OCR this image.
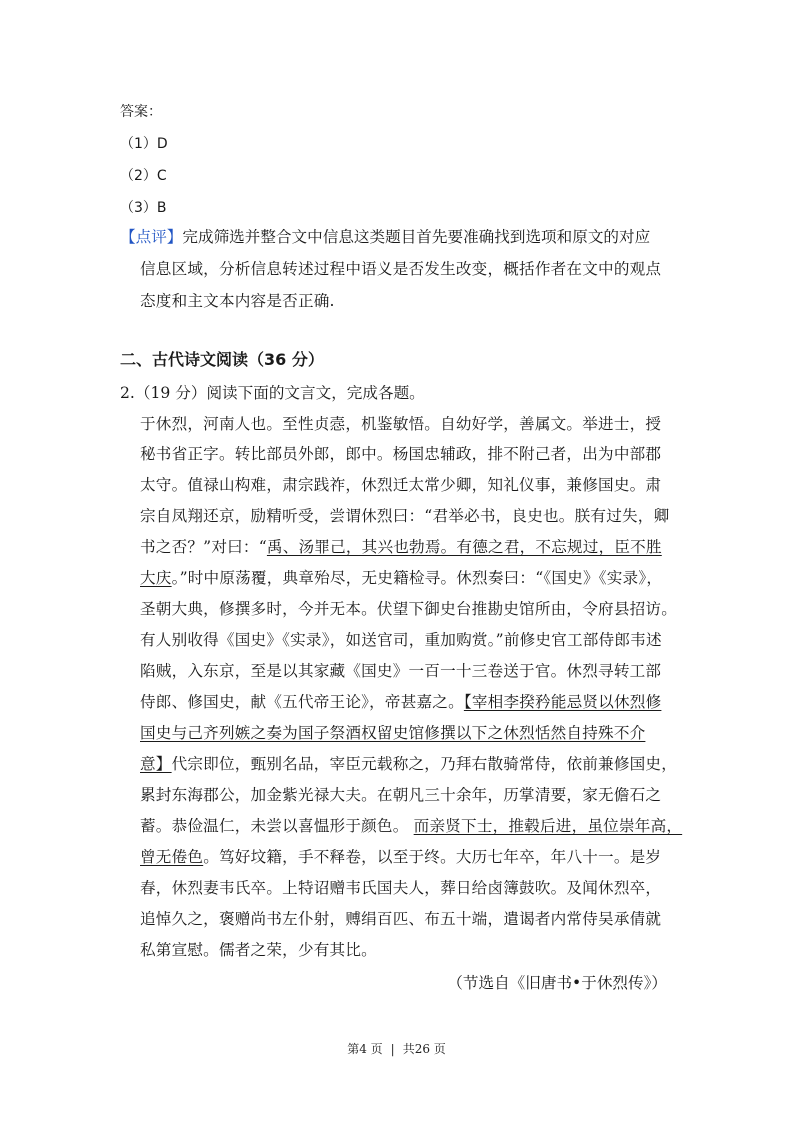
答案：
（1）D
（2）C
（3）B
【点评】完成筛选并整合文中信息这类题目首先要准确找到选项和原文的对应
信息区域，分析信息转述过程中语义是否发生改变，概括作者在文中的观点
态度和主文本内容是否正确.
二、古代诗文阅读（36 分）
2.（19 分）阅读下面的文言文，完成各题。
于休烈，河南人也。至性贞悫，机鉴敏悟。自幼好学，善属文。举进士，授
秘书省正字。转比部员外郎，郎中。杨国忠辅政，排不附己者，出为中部郡
太守。值禄山构难，肃宗践祚，休烈迁太常少卿，知礼仪事，兼修国史。肃
宗自凤翔还京，励精听受，尝谓休烈曰：“君举必书，良史也。朕有过失，卿
书之否？”对曰：“禹、汤罪己，其兴也勃焉。有德之君，不忘规过，臣不胜
大庆。”时中原荡覆，典章殆尽，无史籍检寻。休烈奏曰：“《国史》《实录》，
圣朝大典，修撰多时，今并无本。伏望下御史台推勘史馆所由，令府县招访。
有人别收得《国史》《实录》，如送官司，重加购赏。”前修史官工部侍郎韦述
陷贼，入东京，至是以其家藏《国史》一百一十三卷送于官。休烈寻转工部
侍郎、修国史，献《五代帝王论》，帝甚嘉之。【宰相李揆矜能忌贤以休烈修
国史与己齐列嫉之奏为国子祭酒权留史馆修撰以下之休烈恬然自持殊不介
意】代宗即位，甄别名品，宰臣元载称之，乃拜右散骑常侍，依前兼修国史，
累封东海郡公，加金紫光禄大夫。在朝凡三十余年，历掌清要，家无儋石之
蓄。恭俭温仁，未尝以喜愠形于颜色。 而亲贤下士，推毂后进，虽位崇年高，
曾无倦色。笃好坟籍，手不释卷，以至于终。大历七年卒，年八十一。是岁
春，休烈妻韦氏卒。上特诏赠韦氏国夫人，葬日给卤簿鼓吹。及闻休烈卒，
追悼久之，褒赠尚书左仆射，赙绢百匹、布五十端，遣谒者内常侍吴承倩就
私第宣慰。儒者之荣，少有其比。
（节选自《旧唐书•于休烈传》）
第4 页 | 共26 页
